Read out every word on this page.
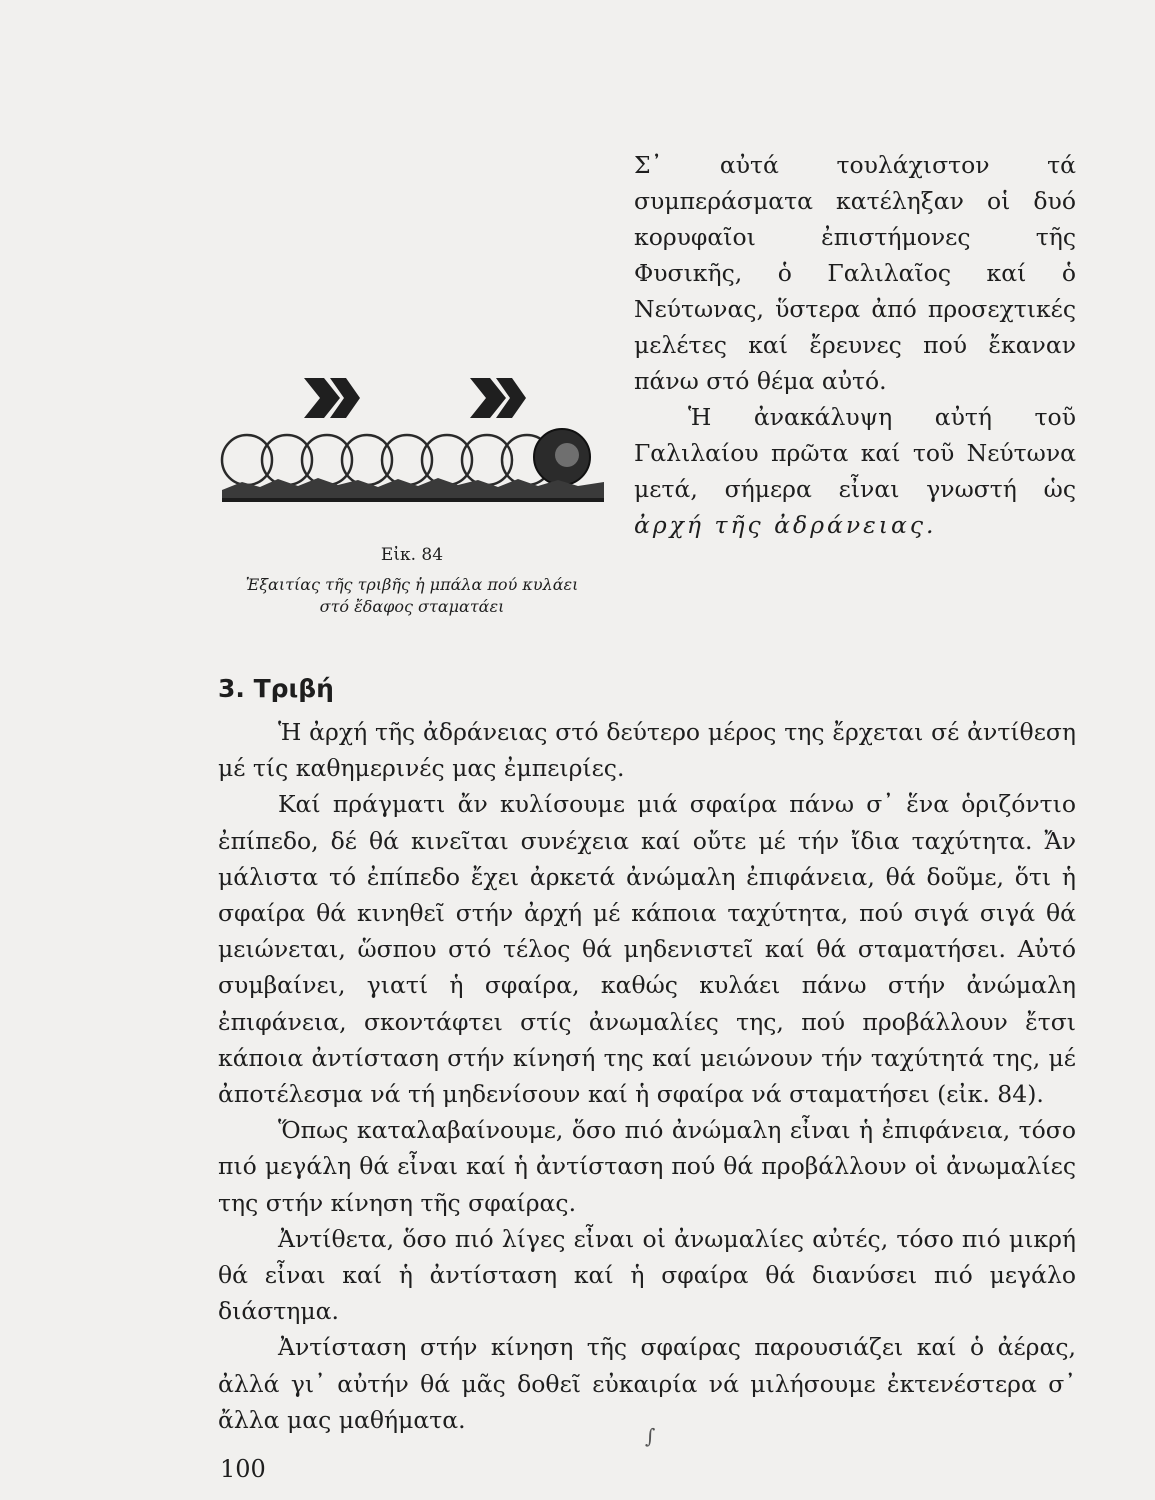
Εἰκ. 84
Ἐξαιτίας τῆς τριβῆς ἡ μπάλα πού κυλάει
στό ἔδαφος σταματάει

Σ᾽ αὐτά τουλάχιστον τά συμπεράσματα κατέληξαν οἱ δυό κορυφαῖοι ἐπιστήμονες τῆς Φυσικῆς, ὁ Γαλιλαῖος καί ὁ Νεύτωνας, ὕστερα ἀπό προσεχτικές μελέτες καί ἔρευνες πού ἔκαναν πάνω στό θέμα αὐτό.

Ἡ ἀνακάλυψη αὐτή τοῦ Γαλιλαίου πρῶτα καί τοῦ Νεύτωνα μετά, σήμερα εἶναι γνωστή ὡς ἀρχή τῆς ἀδράνειας.

3. Τριβή

Ἡ ἀρχή τῆς ἀδράνειας στό δεύτερο μέρος της ἔρχεται σέ ἀντίθεση μέ τίς καθημερινές μας ἐμπειρίες.

Καί πράγματι ἄν κυλίσουμε μιά σφαίρα πάνω σ᾽ ἕνα ὁριζόντιο ἐπίπεδο, δέ θά κινεῖται συνέχεια καί οὔτε μέ τήν ἴδια ταχύτητα. Ἄν μάλιστα τό ἐπίπεδο ἔχει ἀρκετά ἀνώμαλη ἐπιφάνεια, θά δοῦμε, ὅτι ἡ σφαίρα θά κινηθεῖ στήν ἀρχή μέ κάποια ταχύτητα, πού σιγά σιγά θά μειώνεται, ὥσπου στό τέλος θά μηδενιστεῖ καί θά σταματήσει. Αὐτό συμβαίνει, γιατί ἡ σφαίρα, καθώς κυλάει πάνω στήν ἀνώμαλη ἐπιφάνεια, σκοντάφτει στίς ἀνωμαλίες της, πού προβάλλουν ἔτσι κάποια ἀντίσταση στήν κίνησή της καί μειώνουν τήν ταχύτητά της, μέ ἀποτέλεσμα νά τή μηδενίσουν καί ἡ σφαίρα νά σταματήσει (εἰκ. 84).

Ὅπως καταλαβαίνουμε, ὅσο πιό ἀνώμαλη εἶναι ἡ ἐπιφάνεια, τόσο πιό μεγάλη θά εἶναι καί ἡ ἀντίσταση πού θά προβάλλουν οἱ ἀνωμαλίες της στήν κίνηση τῆς σφαίρας.

Ἀντίθετα, ὅσο πιό λίγες εἶναι οἱ ἀνωμαλίες αὐτές, τόσο πιό μικρή θά εἶναι καί ἡ ἀντίσταση καί ἡ σφαίρα θά διανύσει πιό μεγάλο διάστημα.

Ἀντίσταση στήν κίνηση τῆς σφαίρας παρουσιάζει καί ὁ ἀέρας, ἀλλά γι᾽ αὐτήν θά μᾶς δοθεῖ εὐκαιρία νά μιλήσουμε ἐκτενέστερα σ᾽ ἄλλα μας μαθήματα.

∫
100
